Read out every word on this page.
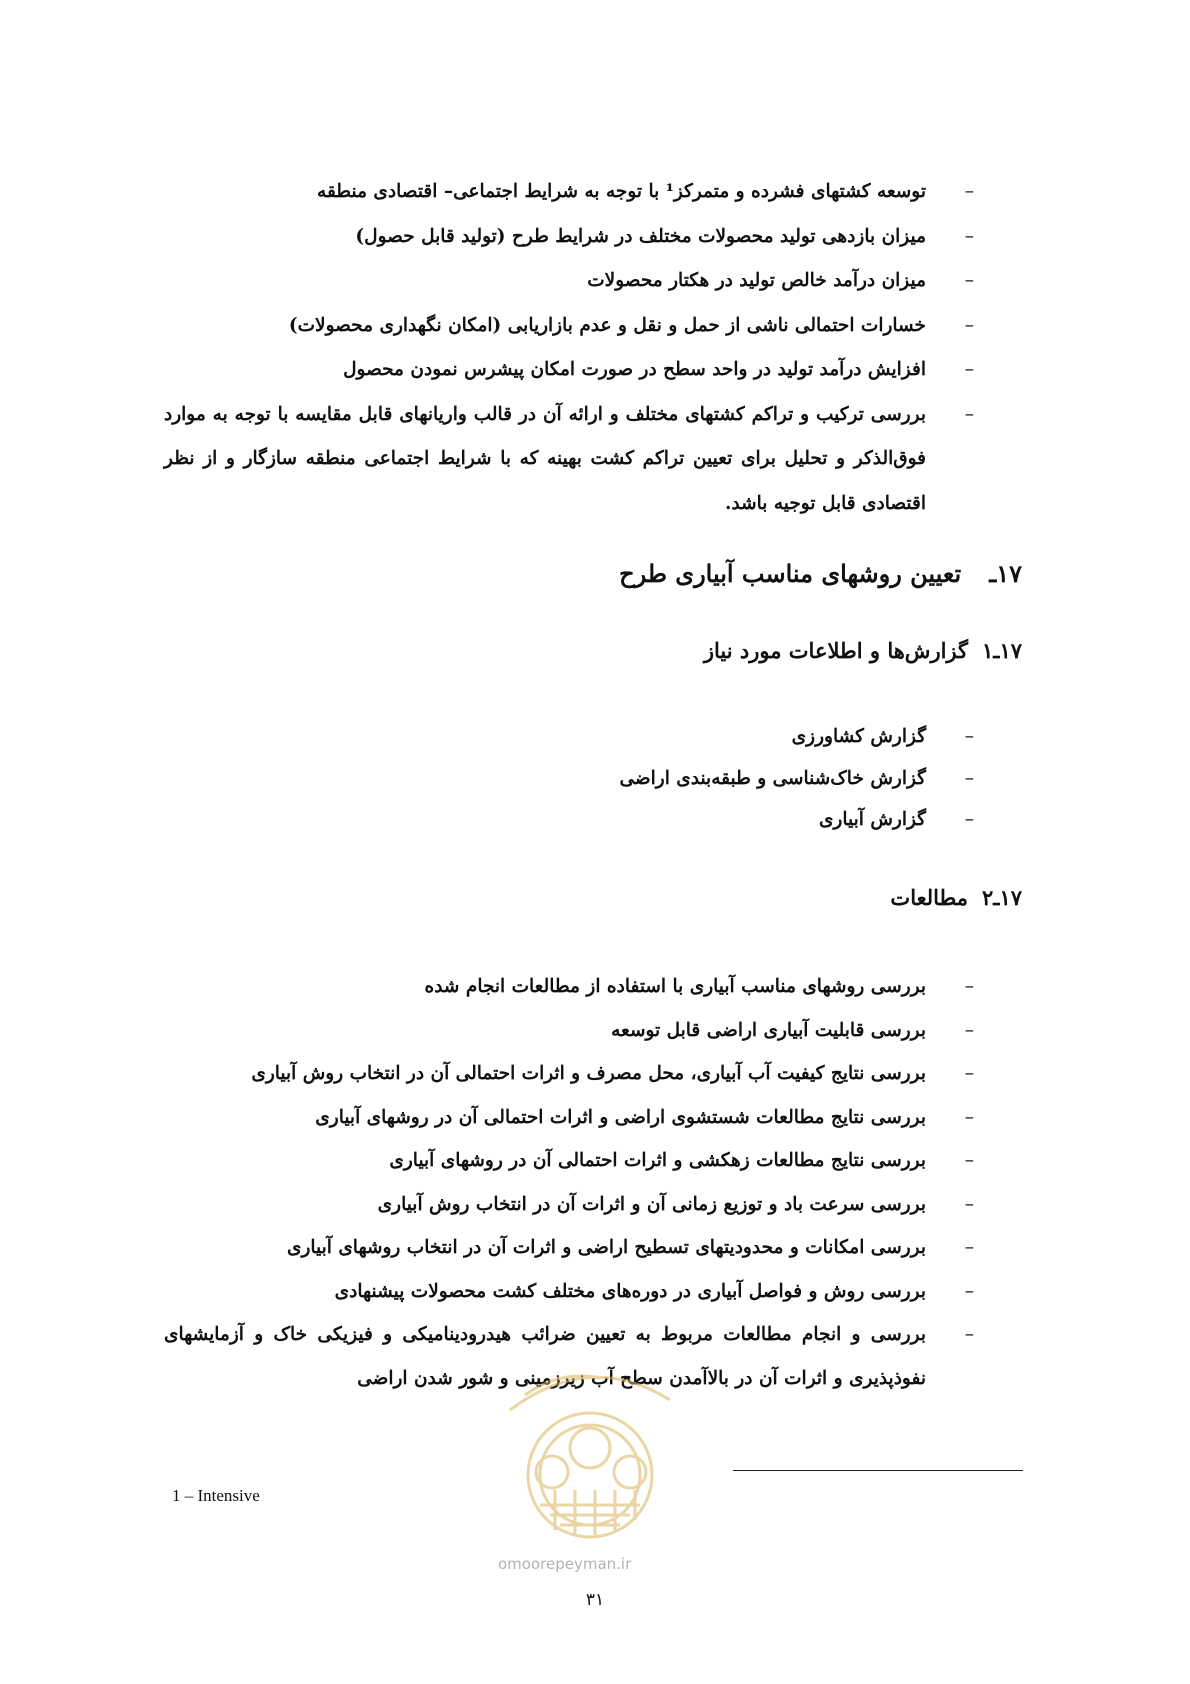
–
توسعه کشتهای فشرده و متمرکز¹ با توجه به شرایط اجتماعی– اقتصادی منطقه
–
میزان بازدهی تولید محصولات مختلف در شرایط طرح (تولید قابل حصول)
–
میزان درآمد خالص تولید در هکتار محصولات
–
خسارات احتمالی ناشی از حمل و نقل و عدم بازاریابی (امکان نگهداری محصولات)
–
افزایش درآمد تولید در واحد سطح در صورت امکان پیشرس نمودن محصول
–
بررسی ترکیب و تراکم کشتهای مختلف و ارائه آن در قالب واریانهای قابل مقایسه با توجه به موارد فوق‌الذکر و تحلیل برای تعیین تراکم کشت بهینه که با شرایط اجتماعی منطقه سازگار و از نظر اقتصادی قابل توجیه باشد.
۱۷ـتعیین روشهای مناسب آبیاری طرح
۱۷ـ۱گزارش‌ها و اطلاعات مورد نیاز
–
گزارش کشاورزی
–
گزارش خاک‌شناسی و طبقه‌بندی اراضی
–
گزارش آبیاری
۱۷ـ۲مطالعات
–
بررسی روشهای مناسب آبیاری با استفاده از مطالعات انجام شده
–
بررسی قابلیت آبیاری اراضی قابل توسعه
–
بررسی نتایج کیفیت آب آبیاری، محل مصرف و اثرات احتمالی آن در انتخاب روش آبیاری
–
بررسی نتایج مطالعات شستشوی اراضی و اثرات احتمالی آن در روشهای آبیاری
–
بررسی نتایج مطالعات زهکشی و اثرات احتمالی آن در روشهای آبیاری
–
بررسی سرعت باد و توزیع زمانی آن و اثرات آن در انتخاب روش آبیاری
–
بررسی امکانات و محدودیتهای تسطیح اراضی و اثرات آن در انتخاب روشهای آبیاری
–
بررسی روش و فواصل آبیاری در دوره‌های مختلف کشت محصولات پیشنهادی
–
بررسی و انجام مطالعات مربوط به تعیین ضرائب هیدرودینامیکی و فیزیکی خاک و آزمایشهای نفوذپذیری و اثرات آن در بالاآمدن سطح آب زیرزمینی و شور شدن اراضی
1 – Intensive
omoorepeyman.ir
۳۱
